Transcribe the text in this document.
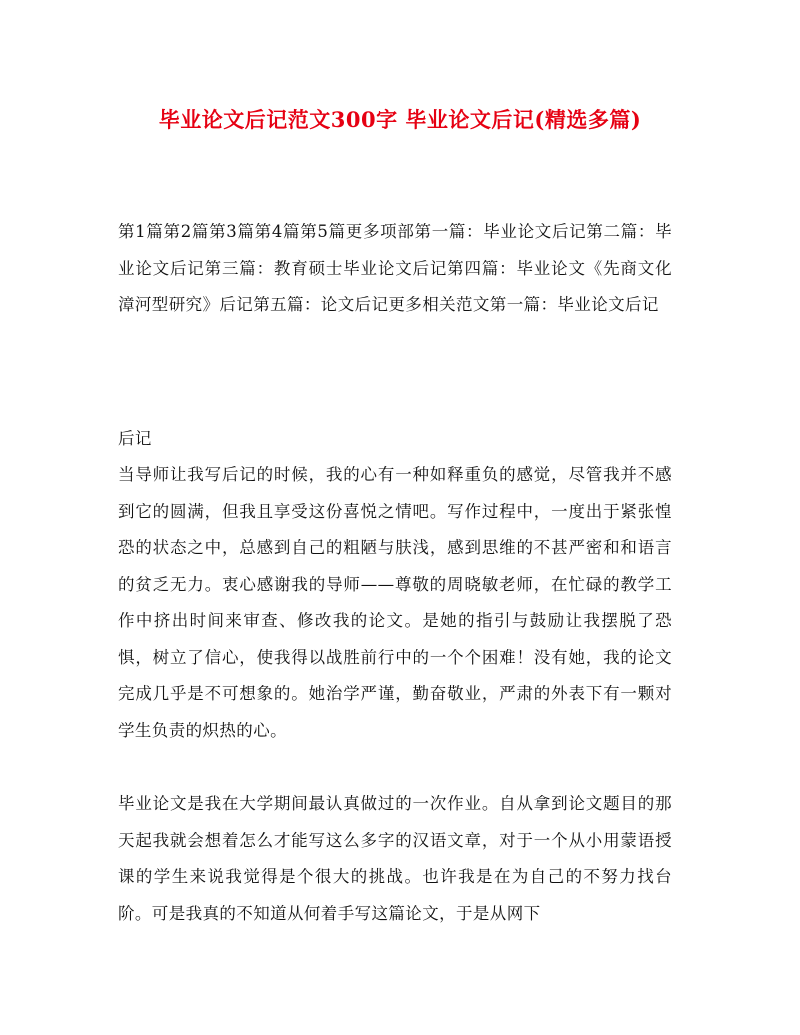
毕业论文后记范文300字 毕业论文后记(精选多篇)

第1篇第2篇第3篇第4篇第5篇更多项部第一篇：毕业论文后记第二篇：毕业论文后记第三篇：教育硕士毕业论文后记第四篇：毕业论文《先商文化漳河型研究》后记第五篇：论文后记更多相关范文第一篇：毕业论文后记

后记

当导师让我写后记的时候，我的心有一种如释重负的感觉，尽管我并不感到它的圆满，但我且享受这份喜悦之情吧。写作过程中，一度出于紧张惶恐的状态之中，总感到自己的粗陋与肤浅，感到思维的不甚严密和和语言的贫乏无力。衷心感谢我的导师——尊敬的周晓敏老师，在忙碌的教学工作中挤出时间来审查、修改我的论文。是她的指引与鼓励让我摆脱了恐惧，树立了信心，使我得以战胜前行中的一个个困难！没有她，我的论文完成几乎是不可想象的。她治学严谨，勤奋敬业，严肃的外表下有一颗对学生负责的炽热的心。

毕业论文是我在大学期间最认真做过的一次作业。自从拿到论文题目的那天起我就会想着怎么才能写这么多字的汉语文章，对于一个从小用蒙语授课的学生来说我觉得是个很大的挑战。也许我是在为自己的不努力找台阶。可是我真的不知道从何着手写这篇论文，于是从网下
